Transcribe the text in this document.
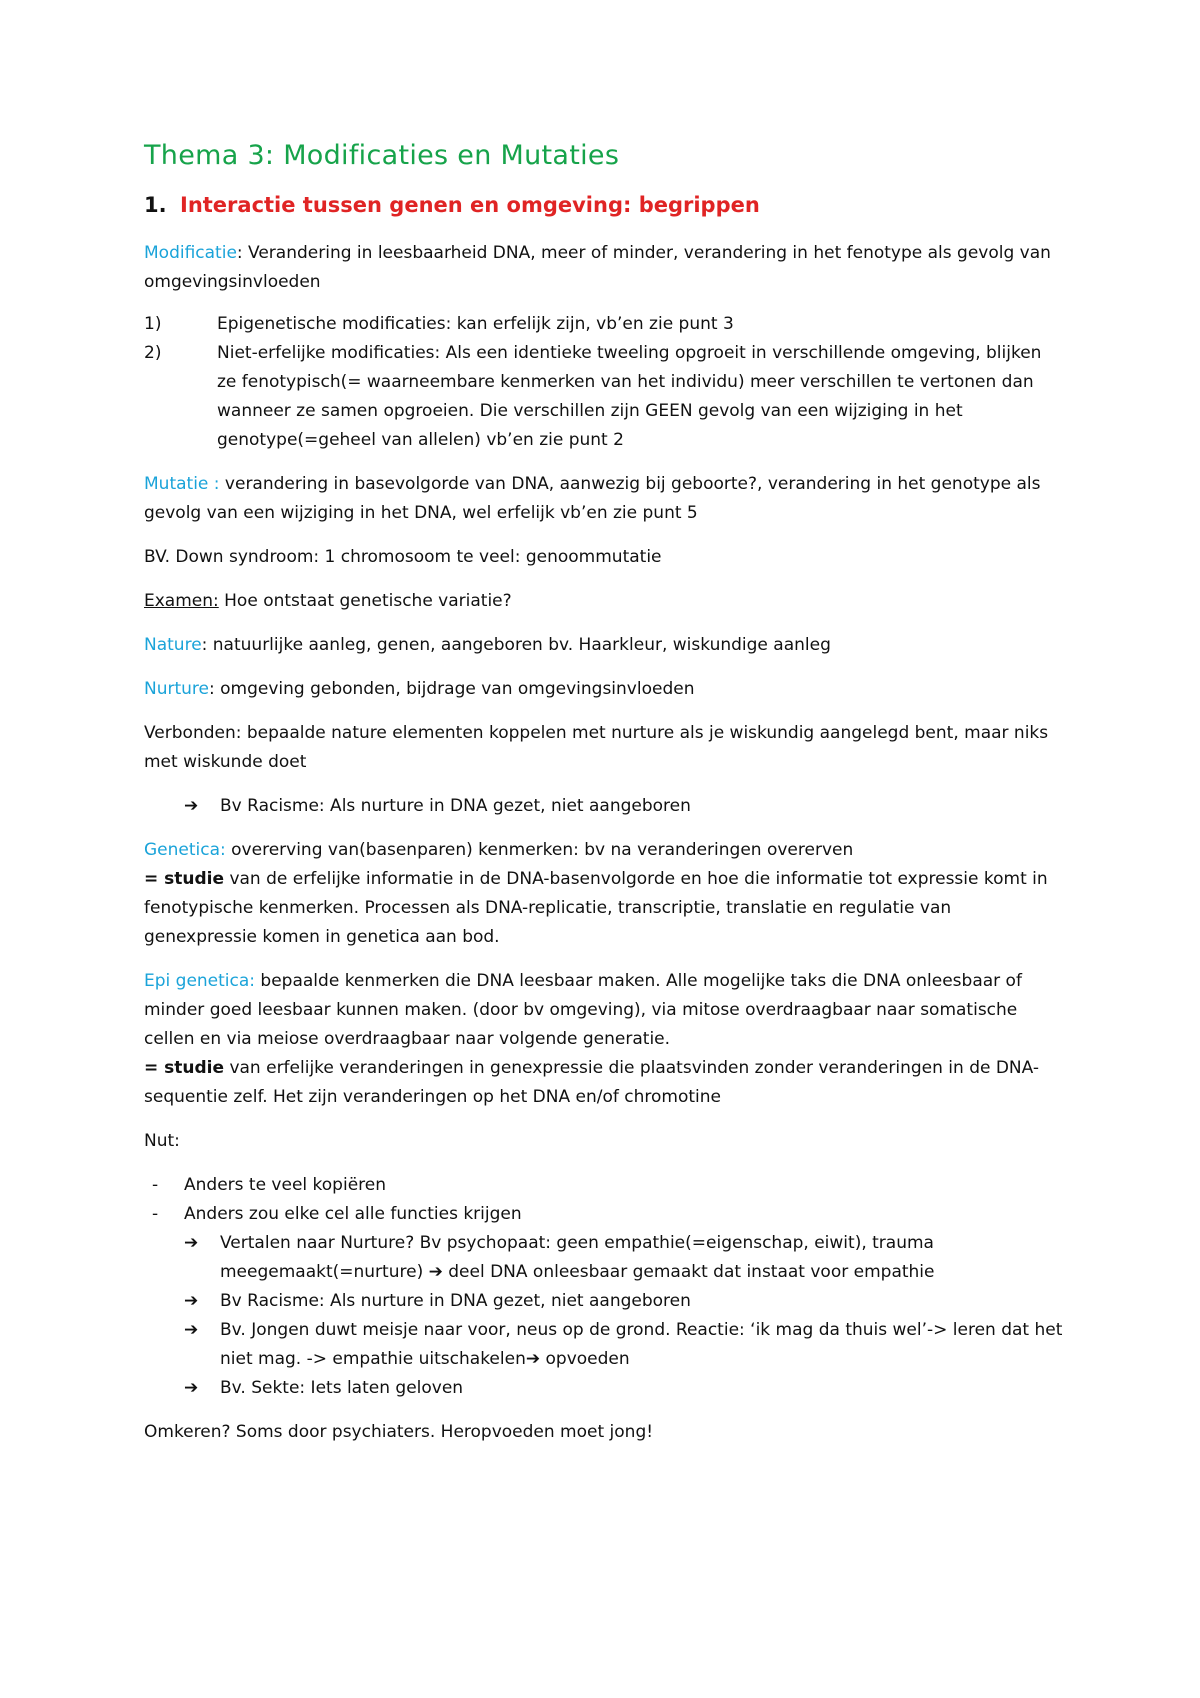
Thema 3: Modificaties en Mutaties
1. Interactie tussen genen en omgeving: begrippen

Modificatie: Verandering in leesbaarheid DNA, meer of minder, verandering in het fenotype als gevolg van omgevingsinvloeden

1)	Epigenetische modificaties: kan erfelijk zijn, vb’en zie punt 3
2)	Niet-erfelijke modificaties: Als een identieke tweeling opgroeit in verschillende omgeving, blijken ze fenotypisch(= waarneembare kenmerken van het individu) meer verschillen te vertonen dan wanneer ze samen opgroeien. Die verschillen zijn GEEN gevolg van een wijziging in het genotype(=geheel van allelen) vb’en zie punt 2

Mutatie : verandering in basevolgorde van DNA, aanwezig bij geboorte?, verandering in het genotype als gevolg van een wijziging in het DNA, wel erfelijk vb’en zie punt 5

BV. Down syndroom: 1 chromosoom te veel: genoommutatie

Examen: Hoe ontstaat genetische variatie?

Nature: natuurlijke aanleg, genen, aangeboren bv. Haarkleur, wiskundige aanleg

Nurture: omgeving gebonden, bijdrage van omgevingsinvloeden

Verbonden: bepaalde nature elementen koppelen met nurture als je wiskundig aangelegd bent, maar niks met wiskunde doet

➔	Bv Racisme: Als nurture in DNA gezet, niet aangeboren

Genetica: overerving van(basenparen) kenmerken: bv na veranderingen overerven
= studie van de erfelijke informatie in de DNA-basenvolgorde en hoe die informatie tot expressie komt in fenotypische kenmerken. Processen als DNA-replicatie, transcriptie, translatie en regulatie van genexpressie komen in genetica aan bod.

Epi genetica: bepaalde kenmerken die DNA leesbaar maken. Alle mogelijke taks die DNA onleesbaar of minder goed leesbaar kunnen maken. (door bv omgeving), via mitose overdraagbaar naar somatische cellen en via meiose overdraagbaar naar volgende generatie.
= studie van erfelijke veranderingen in genexpressie die plaatsvinden zonder veranderingen in de DNA-sequentie zelf. Het zijn veranderingen op het DNA en/of chromotine

Nut:

-	Anders te veel kopiëren
-	Anders zou elke cel alle functies krijgen
➔	Vertalen naar Nurture? Bv psychopaat: geen empathie(=eigenschap, eiwit), trauma meegemaakt(=nurture) ➔ deel DNA onleesbaar gemaakt dat instaat voor empathie
➔	Bv Racisme: Als nurture in DNA gezet, niet aangeboren
➔	Bv. Jongen duwt meisje naar voor, neus op de grond. Reactie: ‘ik mag da thuis wel’-> leren dat het niet mag. -> empathie uitschakelen➔ opvoeden
➔	Bv. Sekte: Iets laten geloven

Omkeren? Soms door psychiaters. Heropvoeden moet jong!
